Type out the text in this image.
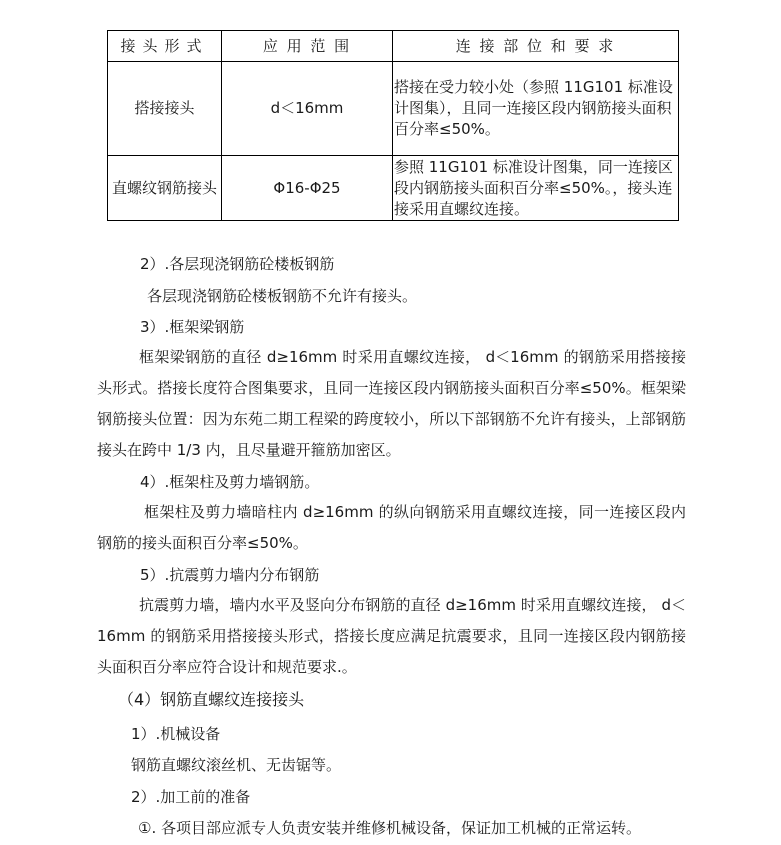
接头形式	应 用 范 围	连 接 部 位 和 要 求
搭接接头	d＜16mm	搭接在受力较小处（参照 11G101 标准设计图集），且同一连接区段内钢筋接头面积百分率≤50%。
直螺纹钢筋接头	Φ16-Φ25	参照 11G101 标准设计图集，同一连接区段内钢筋接头面积百分率≤50%。，接头连接采用直螺纹连接。

2）.各层现浇钢筋砼楼板钢筋

各层现浇钢筋砼楼板钢筋不允许有接头。

3）.框架梁钢筋

框架梁钢筋的直径 d≥16mm 时采用直螺纹连接， d＜16mm 的钢筋采用搭接接头形式。搭接长度符合图集要求，且同一连接区段内钢筋接头面积百分率≤50%。框架梁钢筋接头位置：因为东苑二期工程梁的跨度较小，所以下部钢筋不允许有接头，上部钢筋接头在跨中 1/3 内，且尽量避开箍筋加密区。

4）.框架柱及剪力墙钢筋。

框架柱及剪力墙暗柱内 d≥16mm 的纵向钢筋采用直螺纹连接，同一连接区段内钢筋的接头面积百分率≤50%。

5）.抗震剪力墙内分布钢筋

抗震剪力墙，墙内水平及竖向分布钢筋的直径 d≥16mm 时采用直螺纹连接， d＜16mm 的钢筋采用搭接接头形式，搭接长度应满足抗震要求，且同一连接区段内钢筋接头面积百分率应符合设计和规范要求.。

（4）钢筋直螺纹连接接头

1）.机械设备

钢筋直螺纹滚丝机、无齿锯等。

2）.加工前的准备

①. 各项目部应派专人负责安装并维修机械设备，保证加工机械的正常运转。
